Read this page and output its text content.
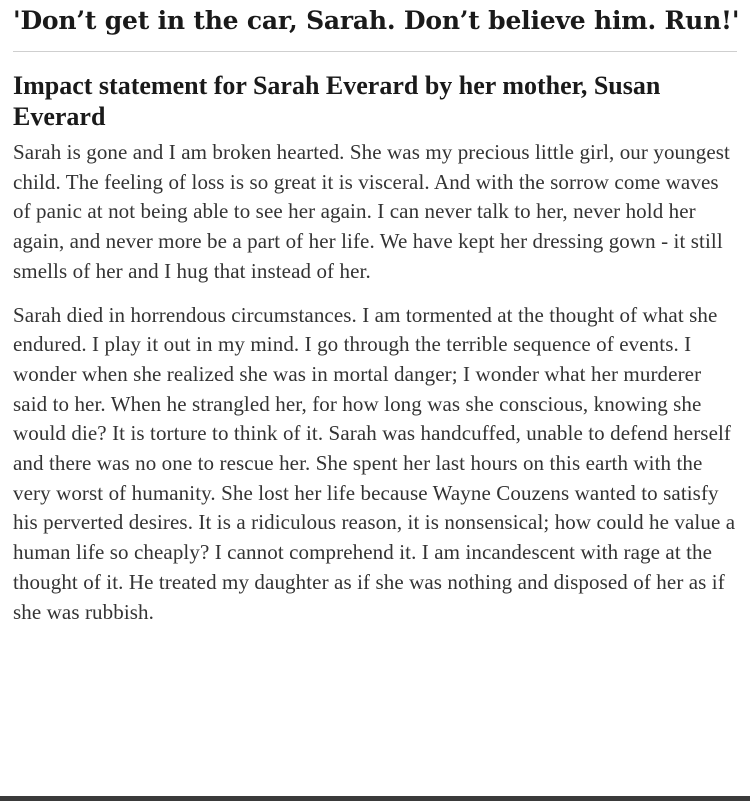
'Don’t get in the car, Sarah. Don’t believe him. Run!'
Impact statement for Sarah Everard by her mother, Susan Everard

Sarah is gone and I am broken hearted. She was my precious little girl, our youngest child. The feeling of loss is so great it is visceral. And with the sorrow come waves of panic at not being able to see her again. I can never talk to her, never hold her again, and never more be a part of her life. We have kept her dressing gown - it still smells of her and I hug that instead of her.

Sarah died in horrendous circumstances. I am tormented at the thought of what she endured. I play it out in my mind. I go through the terrible sequence of events. I wonder when she realized she was in mortal danger; I wonder what her murderer said to her. When he strangled her, for how long was she conscious, knowing she would die? It is torture to think of it. Sarah was handcuffed, unable to defend herself and there was no one to rescue her. She spent her last hours on this earth with the very worst of humanity. She lost her life because Wayne Couzens wanted to satisfy his perverted desires. It is a ridiculous reason, it is nonsensical; how could he value a human life so cheaply? I cannot comprehend it. I am incandescent with rage at the thought of it. He treated my daughter as if she was nothing and disposed of her as if she was rubbish.
